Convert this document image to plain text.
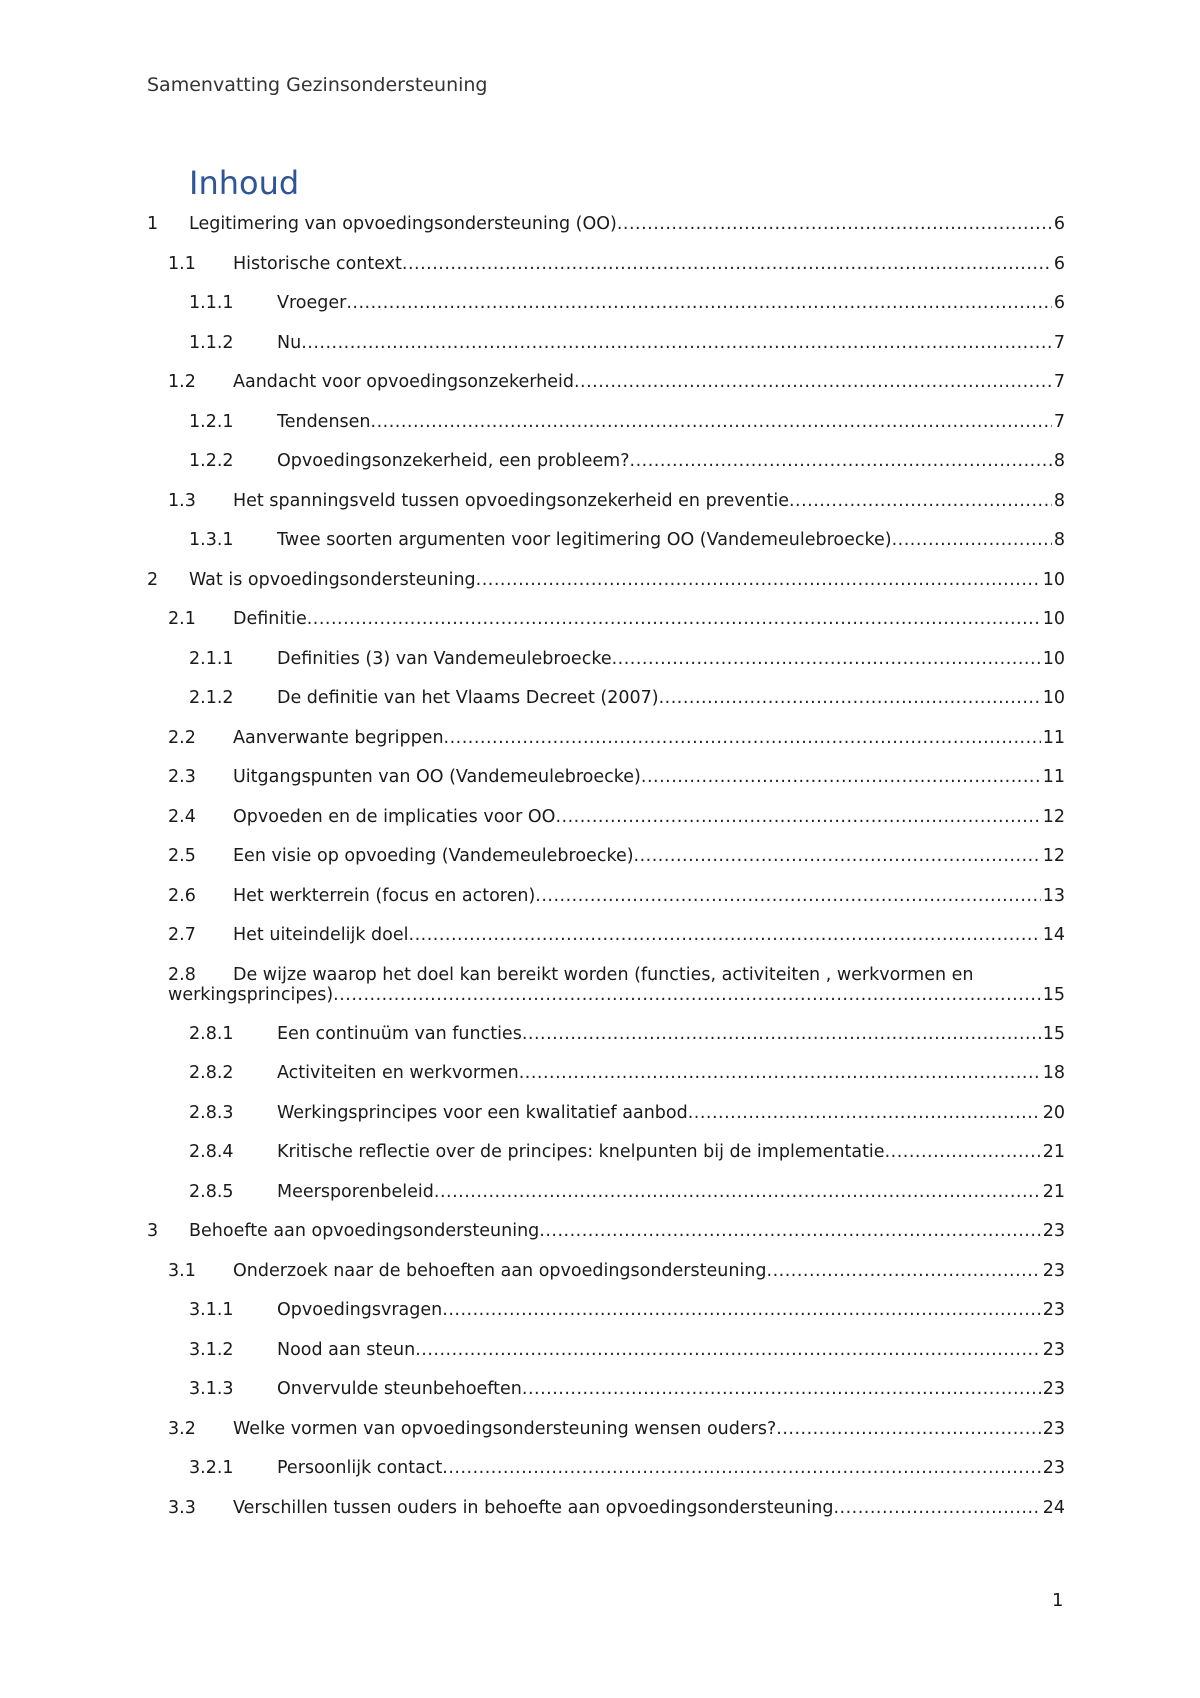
Samenvatting Gezinsondersteuning
Inhoud
1 Legitimering van opvoedingsondersteuning (OO) .....	6
1.1 Historische context .....	6
1.1.1 Vroeger .....	6
1.1.2 Nu .....	7
1.2 Aandacht voor opvoedingsonzekerheid .....	7
1.2.1 Tendensen .....	7
1.2.2 Opvoedingsonzekerheid, een probleem? .....	8
1.3 Het spanningsveld tussen opvoedingsonzekerheid en preventie .....	8
1.3.1 Twee soorten argumenten voor legitimering OO (Vandemeulebroecke) .....	8
2 Wat is opvoedingsondersteuning .....	10
2.1 Definitie .....	10
2.1.1 Definities (3) van Vandemeulebroecke .....	10
2.1.2 De definitie van het Vlaams Decreet (2007) .....	10
2.2 Aanverwante begrippen .....	11
2.3 Uitgangspunten van OO (Vandemeulebroecke) .....	11
2.4 Opvoeden en de implicaties voor OO .....	12
2.5 Een visie op opvoeding (Vandemeulebroecke) .....	12
2.6 Het werkterrein (focus en actoren) .....	13
2.7 Het uiteindelijk doel .....	14
2.8 De wijze waarop het doel kan bereikt worden (functies, activiteiten , werkvormen en
werkingsprincipes) .....	15
2.8.1 Een continuüm van functies .....	15
2.8.2 Activiteiten en werkvormen .....	18
2.8.3 Werkingsprincipes voor een kwalitatief aanbod .....	20
2.8.4 Kritische reflectie over de principes: knelpunten bij de implementatie .....	21
2.8.5 Meersporenbeleid .....	21
3 Behoefte aan opvoedingsondersteuning .....	23
3.1 Onderzoek naar de behoeften aan opvoedingsondersteuning .....	23
3.1.1 Opvoedingsvragen .....	23
3.1.2 Nood aan steun .....	23
3.1.3 Onvervulde steunbehoeften .....	23
3.2 Welke vormen van opvoedingsondersteuning wensen ouders? .....	23
3.2.1 Persoonlijk contact .....	23
3.3 Verschillen tussen ouders in behoefte aan opvoedingsondersteuning .....	24
1
